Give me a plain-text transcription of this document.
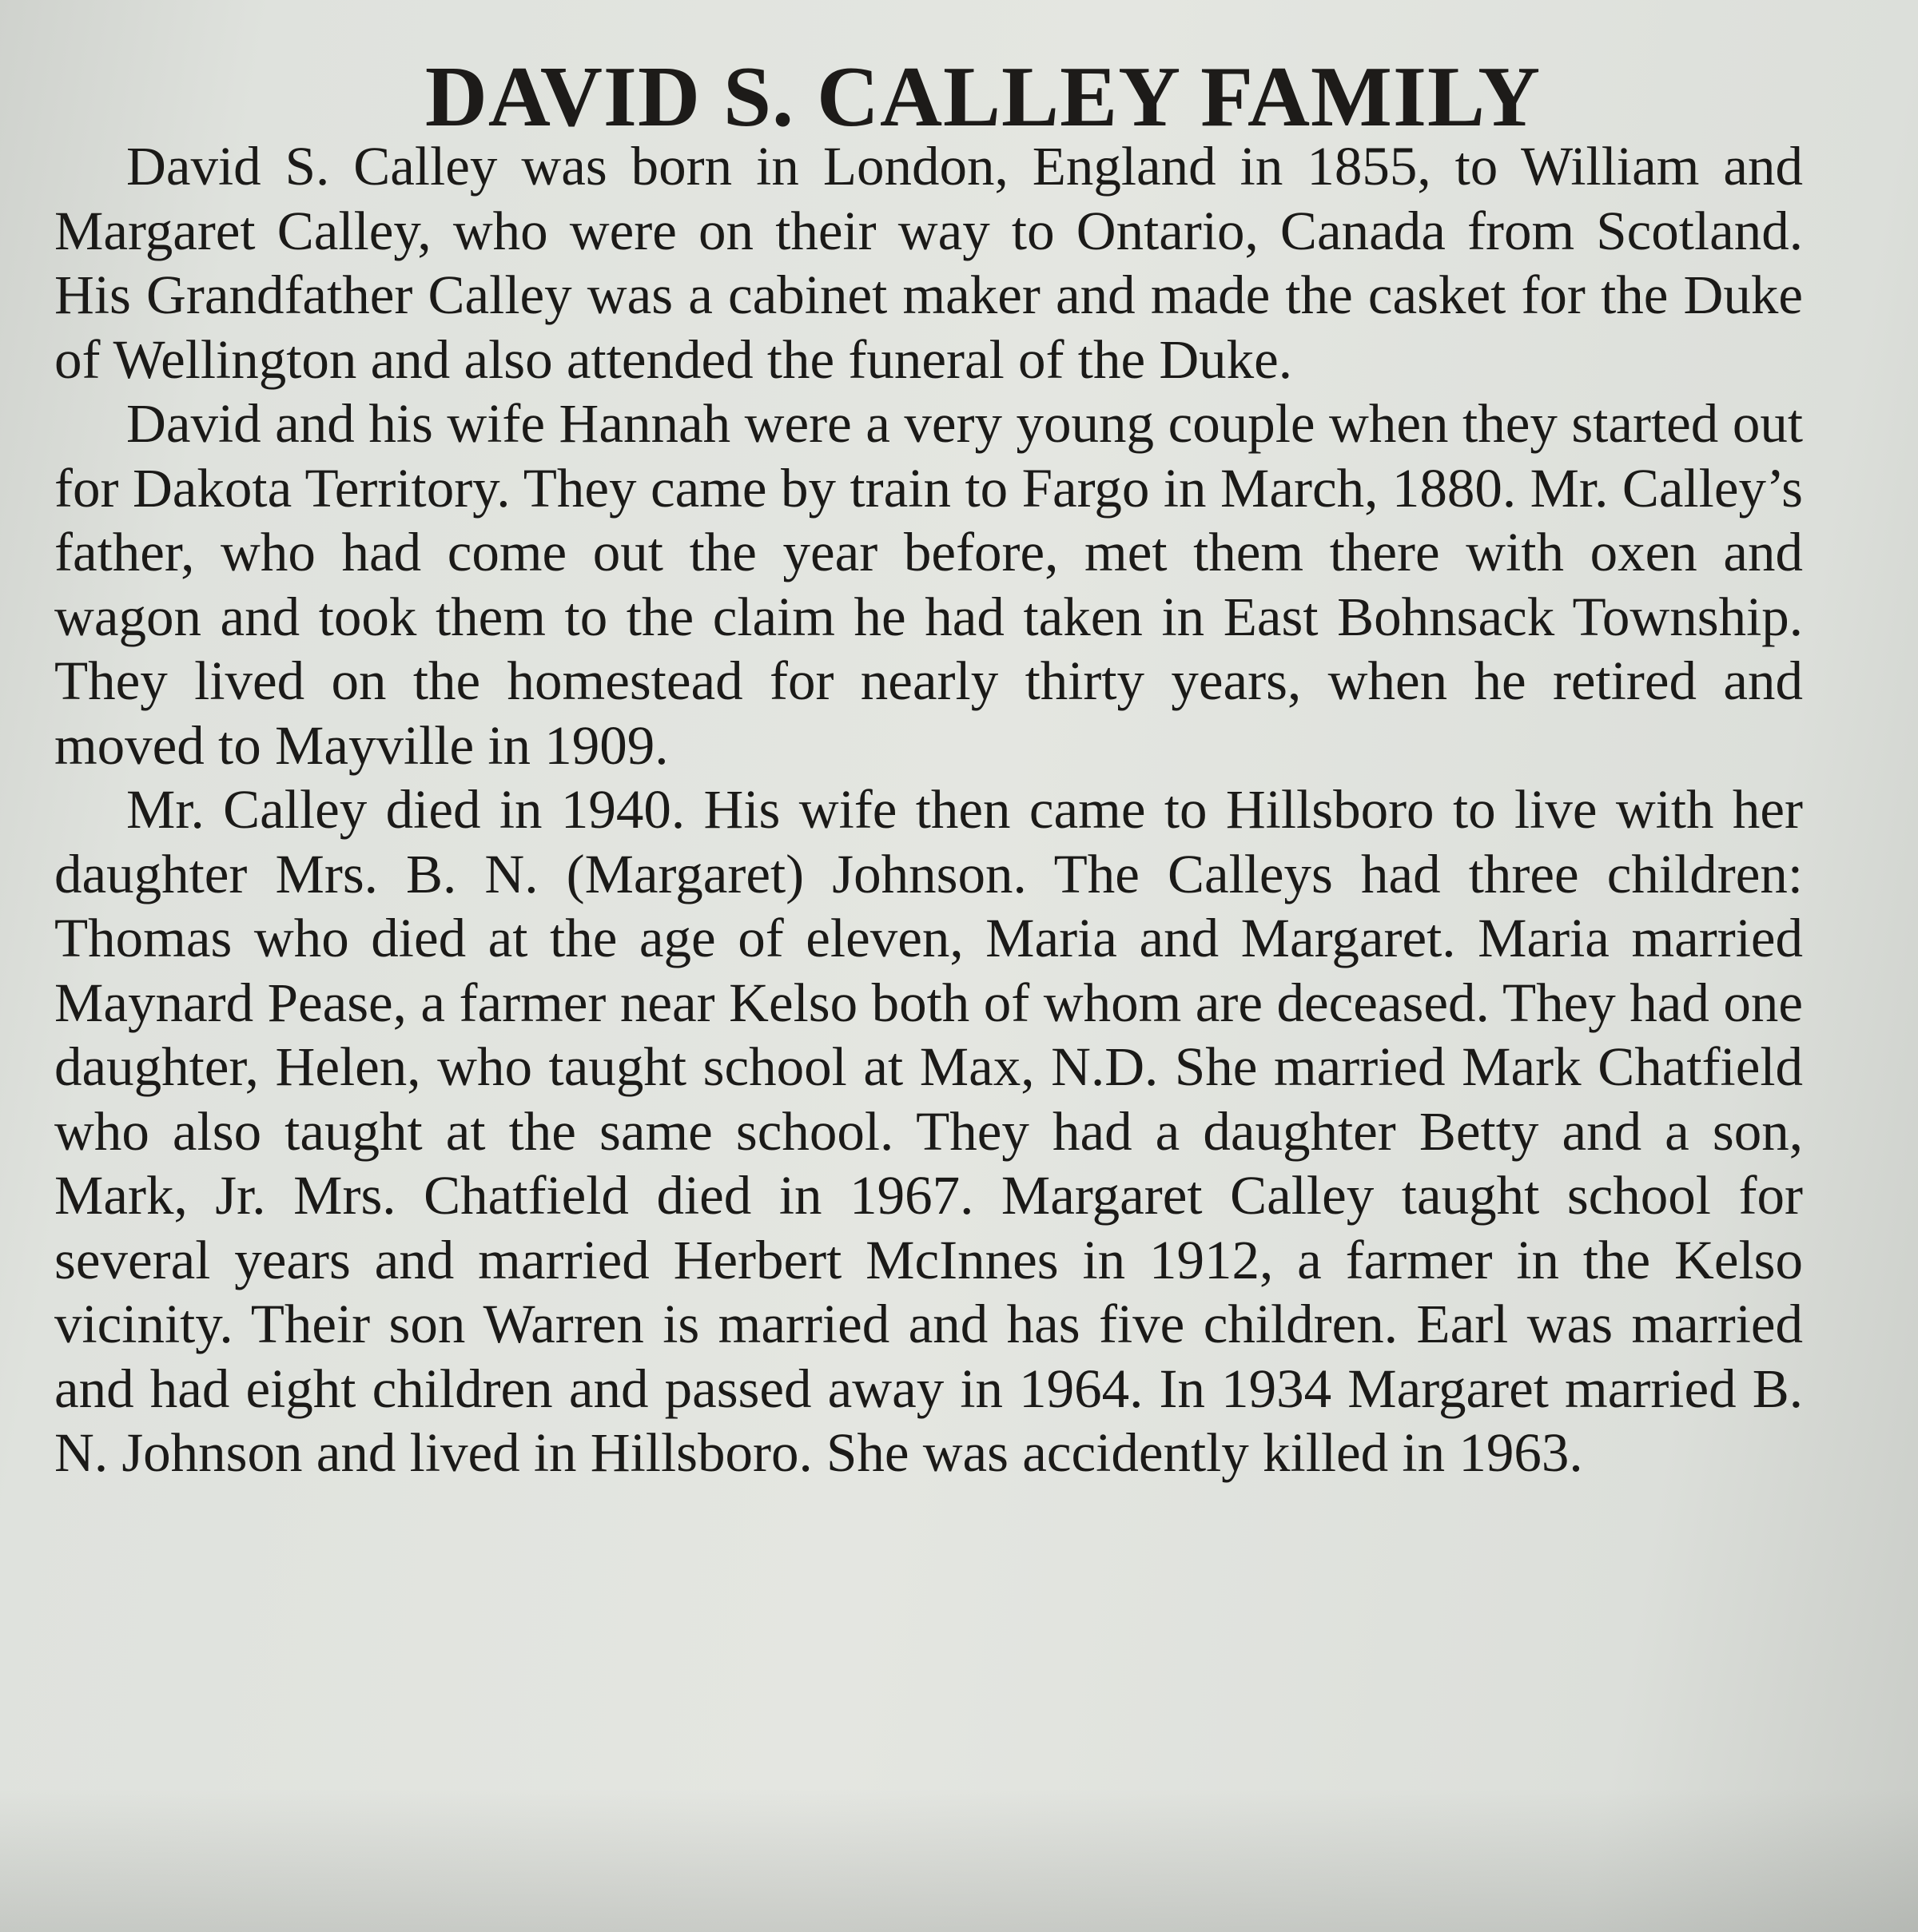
DAVID S. CALLEY FAMILY

David S. Calley was born in London, England in 1855, to William and Margaret Calley, who were on their way to Ontario, Canada from Scotland. His Grandfather Calley was a cabinet maker and made the casket for the Duke of Wellington and also attended the funeral of the Duke.

David and his wife Hannah were a very young couple when they started out for Dakota Territory. They came by train to Fargo in March, 1880. Mr. Calley’s father, who had come out the year before, met them there with oxen and wagon and took them to the claim he had taken in East Bohnsack Township. They lived on the homestead for nearly thirty years, when he retired and moved to Mayville in 1909.

Mr. Calley died in 1940. His wife then came to Hillsboro to live with her daughter Mrs. B. N. (Margaret) Johnson. The Calleys had three children: Thomas who died at the age of eleven, Maria and Margaret. Maria married Maynard Pease, a farmer near Kelso both of whom are deceased. They had one daughter, Helen, who taught school at Max, N.D. She married Mark Chatfield who also taught at the same school. They had a daughter Betty and a son, Mark, Jr. Mrs. Chatfield died in 1967. Margaret Calley taught school for several years and married Herbert McInnes in 1912, a farmer in the Kelso vicinity. Their son Warren is married and has five children. Earl was married and had eight children and passed away in 1964. In 1934 Margaret married B. N. Johnson and lived in Hillsboro. She was accidently killed in 1963.
